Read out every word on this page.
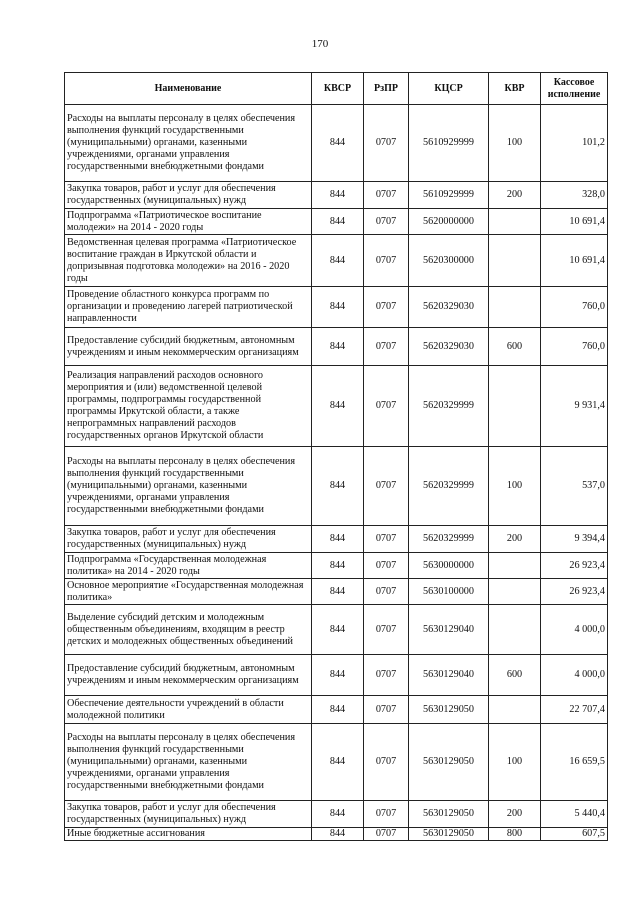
170
Наименование	КВСР	РзПР	КЦСР	КВР	Кассовое исполнение
Расходы на выплаты персоналу в целях обеспечения выполнения функций государственными (муниципальными) органами, казенными учреждениями, органами управления государственными внебюджетными фондами	844	0707	5610929999	100	101,2
Закупка товаров, работ и услуг для обеспечения государственных (муниципальных) нужд	844	0707	5610929999	200	328,0
Подпрограмма «Патриотическое воспитание молодежи» на 2014 - 2020 годы	844	0707	5620000000		10 691,4
Ведомственная целевая программа «Патриотическое воспитание граждан в Иркутской области и допризывная подготовка молодежи» на 2016 - 2020 годы	844	0707	5620300000		10 691,4
Проведение областного конкурса программ по организации и проведению лагерей патриотической направленности	844	0707	5620329030		760,0
Предоставление субсидий бюджетным, автономным учреждениям и иным некоммерческим организациям	844	0707	5620329030	600	760,0
Реализация направлений расходов основного мероприятия и (или) ведомственной целевой программы, подпрограммы государственной программы Иркутской области, а также непрограммных направлений расходов государственных органов Иркутской области	844	0707	5620329999		9 931,4
Расходы на выплаты персоналу в целях обеспечения выполнения функций государственными (муниципальными) органами, казенными учреждениями, органами управления государственными внебюджетными фондами	844	0707	5620329999	100	537,0
Закупка товаров, работ и услуг для обеспечения государственных (муниципальных) нужд	844	0707	5620329999	200	9 394,4
Подпрограмма «Государственная молодежная политика» на 2014 - 2020 годы	844	0707	5630000000		26 923,4
Основное мероприятие «Государственная молодежная политика»	844	0707	5630100000		26 923,4
Выделение субсидий детским и молодежным общественным объединениям, входящим в реестр детских и молодежных общественных объединений	844	0707	5630129040		4 000,0
Предоставление субсидий бюджетным, автономным учреждениям и иным некоммерческим организациям	844	0707	5630129040	600	4 000,0
Обеспечение деятельности учреждений в области молодежной политики	844	0707	5630129050		22 707,4
Расходы на выплаты персоналу в целях обеспечения выполнения функций государственными (муниципальными) органами, казенными учреждениями, органами управления государственными внебюджетными фондами	844	0707	5630129050	100	16 659,5
Закупка товаров, работ и услуг для обеспечения государственных (муниципальных) нужд	844	0707	5630129050	200	5 440,4
Иные бюджетные ассигнования	844	0707	5630129050	800	607,5
